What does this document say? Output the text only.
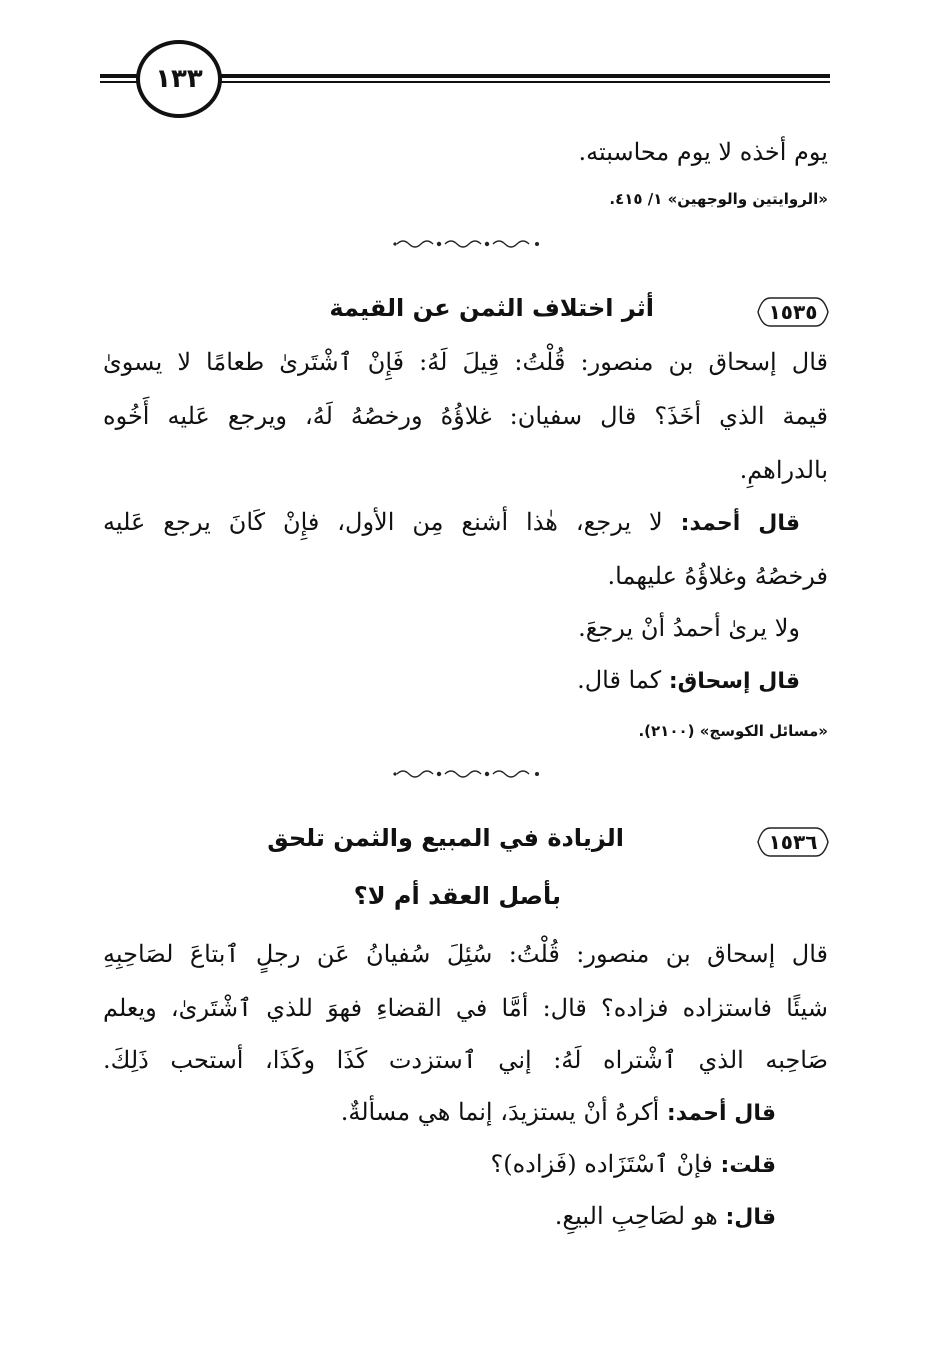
١٣٣
يوم أخذه لا يوم محاسبته.
«الروايتين والوجهين» ١/ ٤١٥.
١٥٣٥
أثر اختلاف الثمن عن القيمة
قال إسحاق بن منصور: قُلْتُ: قِيلَ لَهُ: فَإِنْ ٱشْتَرىٰ طعامًا لا يسوىٰ
قيمة الذي أخَذَ؟ قال سفيان: غلاؤُهُ ورخصُهُ لَهُ، ويرجع عَليه أَخُوه
بالدراهمِ.
قال أحمد: لا يرجع، هٰذا أشنع مِن الأول، فإِنْ كَانَ يرجع عَليه
فرخصُهُ وغلاؤُهُ عليهما.
ولا يرىٰ أحمدُ أنْ يرجعَ.
قال إسحاق: كما قال.
«مسائل الكوسج» (٢١٠٠).
١٥٣٦
الزيادة في المبيع والثمن تلحق
بأصل العقد أم لا؟
قال إسحاق بن منصور: قُلْتُ: سُئِلَ سُفيانُ عَن رجلٍ ٱبتاعَ لصَاحِبِهِ
شيئًا فاستزاده فزاده؟ قال: أمَّا في القضاءِ فهوَ للذي ٱشْتَرىٰ، ويعلم
صَاحِبه الذي ٱشْتراه لَهُ: إني ٱستزدت كَذَا وكَذَا، أستحب ذَلِكَ.
قال أحمد: أكرهُ أنْ يستزيدَ، إنما هي مسألةٌ.
قلت: فإنْ ٱسْتَزَاده (فَزاده)؟
قال: هو لصَاحِبِ البيعِ.
